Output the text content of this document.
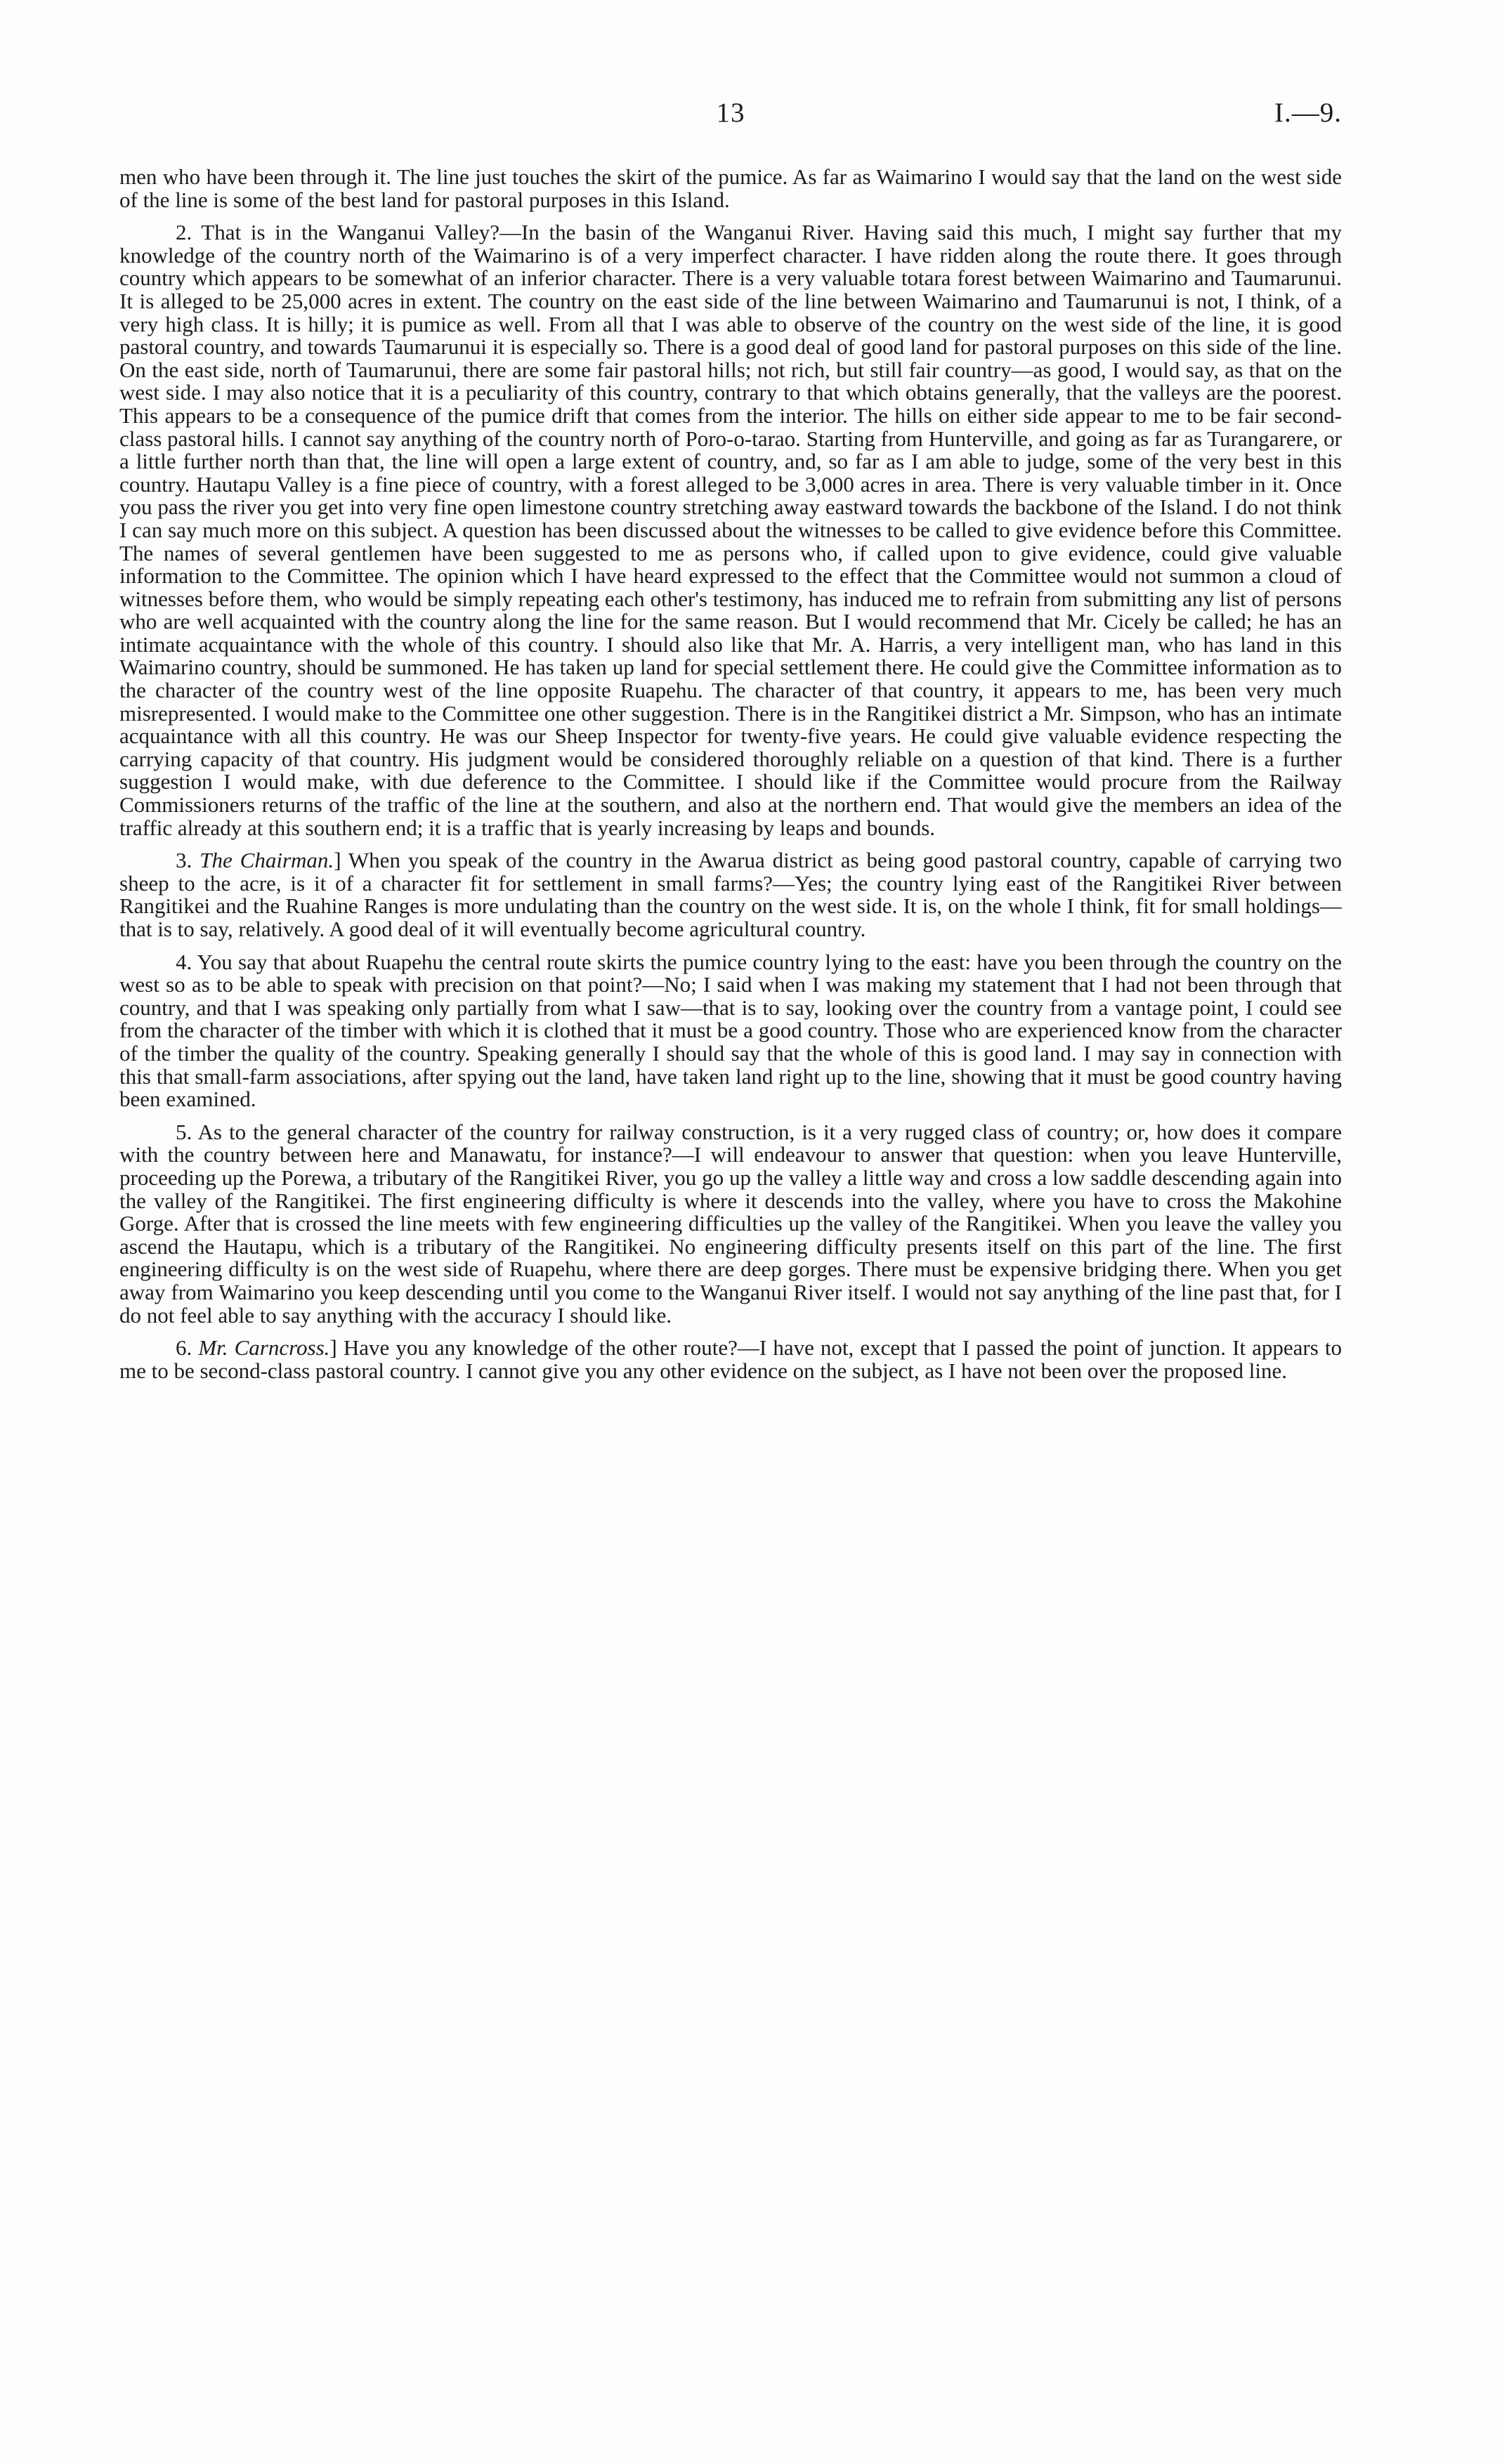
13	I.—9.

men who have been through it. The line just touches the skirt of the pumice. As far as Waimarino I would say that the land on the west side of the line is some of the best land for pastoral purposes in this Island.

2. That is in the Wanganui Valley?—In the basin of the Wanganui River. Having said this much, I might say further that my knowledge of the country north of the Waimarino is of a very imperfect character. I have ridden along the route there. It goes through country which appears to be somewhat of an inferior character. There is a very valuable totara forest between Waimarino and Taumarunui. It is alleged to be 25,000 acres in extent. The country on the east side of the line between Waimarino and Taumarunui is not, I think, of a very high class. It is hilly; it is pumice as well. From all that I was able to observe of the country on the west side of the line, it is good pastoral country, and towards Taumarunui it is especially so. There is a good deal of good land for pastoral purposes on this side of the line. On the east side, north of Taumarunui, there are some fair pastoral hills; not rich, but still fair country—as good, I would say, as that on the west side. I may also notice that it is a peculiarity of this country, contrary to that which obtains generally, that the valleys are the poorest. This appears to be a consequence of the pumice drift that comes from the interior. The hills on either side appear to me to be fair second-class pastoral hills. I cannot say anything of the country north of Poro-o-tarao. Starting from Hunterville, and going as far as Turangarere, or a little further north than that, the line will open a large extent of country, and, so far as I am able to judge, some of the very best in this country. Hautapu Valley is a fine piece of country, with a forest alleged to be 3,000 acres in area. There is very valuable timber in it. Once you pass the river you get into very fine open limestone country stretching away eastward towards the backbone of the Island. I do not think I can say much more on this subject. A question has been discussed about the witnesses to be called to give evidence before this Committee. The names of several gentlemen have been suggested to me as persons who, if called upon to give evidence, could give valuable information to the Committee. The opinion which I have heard expressed to the effect that the Committee would not summon a cloud of witnesses before them, who would be simply repeating each other's testimony, has induced me to refrain from submitting any list of persons who are well acquainted with the country along the line for the same reason. But I would recommend that Mr. Cicely be called; he has an intimate acquaintance with the whole of this country. I should also like that Mr. A. Harris, a very intelligent man, who has land in this Waimarino country, should be summoned. He has taken up land for special settlement there. He could give the Committee information as to the character of the country west of the line opposite Ruapehu. The character of that country, it appears to me, has been very much misrepresented. I would make to the Committee one other suggestion. There is in the Rangitikei district a Mr. Simpson, who has an intimate acquaintance with all this country. He was our Sheep Inspector for twenty-five years. He could give valuable evidence respecting the carrying capacity of that country. His judgment would be considered thoroughly reliable on a question of that kind. There is a further suggestion I would make, with due deference to the Committee. I should like if the Committee would procure from the Railway Commissioners returns of the traffic of the line at the southern, and also at the northern end. That would give the members an idea of the traffic already at this southern end; it is a traffic that is yearly increasing by leaps and bounds.

3. The Chairman.] When you speak of the country in the Awarua district as being good pastoral country, capable of carrying two sheep to the acre, is it of a character fit for settlement in small farms?—Yes; the country lying east of the Rangitikei River between Rangitikei and the Ruahine Ranges is more undulating than the country on the west side. It is, on the whole I think, fit for small holdings—that is to say, relatively. A good deal of it will eventually become agricultural country.

4. You say that about Ruapehu the central route skirts the pumice country lying to the east: have you been through the country on the west so as to be able to speak with precision on that point?—No; I said when I was making my statement that I had not been through that country, and that I was speaking only partially from what I saw—that is to say, looking over the country from a vantage point, I could see from the character of the timber with which it is clothed that it must be a good country. Those who are experienced know from the character of the timber the quality of the country. Speaking generally I should say that the whole of this is good land. I may say in connection with this that small-farm associations, after spying out the land, have taken land right up to the line, showing that it must be good country having been examined.

5. As to the general character of the country for railway construction, is it a very rugged class of country; or, how does it compare with the country between here and Manawatu, for instance?—I will endeavour to answer that question: when you leave Hunterville, proceeding up the Porewa, a tributary of the Rangitikei River, you go up the valley a little way and cross a low saddle descending again into the valley of the Rangitikei. The first engineering difficulty is where it descends into the valley, where you have to cross the Makohine Gorge. After that is crossed the line meets with few engineering difficulties up the valley of the Rangitikei. When you leave the valley you ascend the Hautapu, which is a tributary of the Rangitikei. No engineering difficulty presents itself on this part of the line. The first engineering difficulty is on the west side of Ruapehu, where there are deep gorges. There must be expensive bridging there. When you get away from Waimarino you keep descending until you come to the Wanganui River itself. I would not say anything of the line past that, for I do not feel able to say anything with the accuracy I should like.

6. Mr. Carncross.] Have you any knowledge of the other route?—I have not, except that I passed the point of junction. It appears to me to be second-class pastoral country. I cannot give you any other evidence on the subject, as I have not been over the proposed line.
